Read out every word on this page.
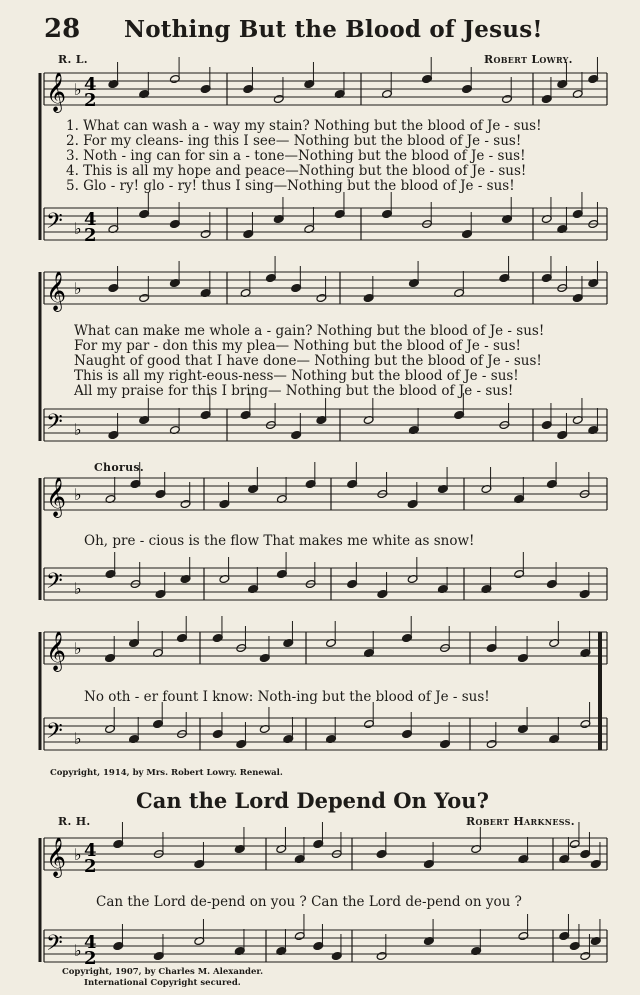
28 Nothing But the Blood of Jesus!
R. L.	Robert Lowry.
𝄞
𝄢
♭
♭
4
2
4
2
𝄞
𝄢
♭
♭
𝄞
𝄢
♭
♭
𝄞
𝄢
♭
♭
𝄞
𝄢
♭
♭
4
2
4
2
1. What can wash a - way my stain? Nothing but the blood of Je - sus!
2. For my cleans- ing this I see— Nothing but the blood of Je - sus!
3. Noth - ing can for sin a - tone—Nothing but the blood of Je - sus!
4. This is all my hope and peace—Nothing but the blood of Je - sus!
5. Glo - ry! glo - ry! thus I sing—Nothing but the blood of Je - sus!
What can make me whole a - gain? Nothing but the blood of Je - sus!
For my par - don this my plea— Nothing but the blood of Je - sus!
Naught of good that I have done— Nothing but the blood of Je - sus!
This is all my right-eous-ness— Nothing but the blood of Je - sus!
All my praise for this I bring— Nothing but the blood of Je - sus!
Chorus.
Oh, pre - cious is the flow That makes me white as snow!
No oth - er fount I know: Noth-ing but the blood of Je - sus!
Copyright, 1914, by Mrs. Robert Lowry. Renewal.
Can the Lord Depend On You?
R. H.	Robert Harkness.
Can the Lord de-pend on you ? Can the Lord de-pend on you ?
Copyright, 1907, by Charles M. Alexander.
International Copyright secured.
